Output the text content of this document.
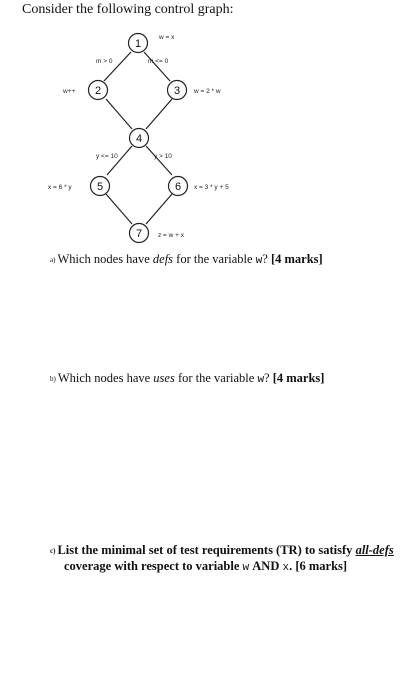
Consider the following control graph:
1
2	3
4
5	6
7
w = x
w++	w = 2 * w
x = 6 * y	x = 3 * y + 5
z = w + x
m > 0	m <= 0
y <= 10	y > 10
a) Which nodes have defs for the variable w? [4 marks]
b) Which nodes have uses for the variable w? [4 marks]
c) List the minimal set of test requirements (TR) to satisfy all-defs
coverage with respect to variable w AND x. [6 marks]
